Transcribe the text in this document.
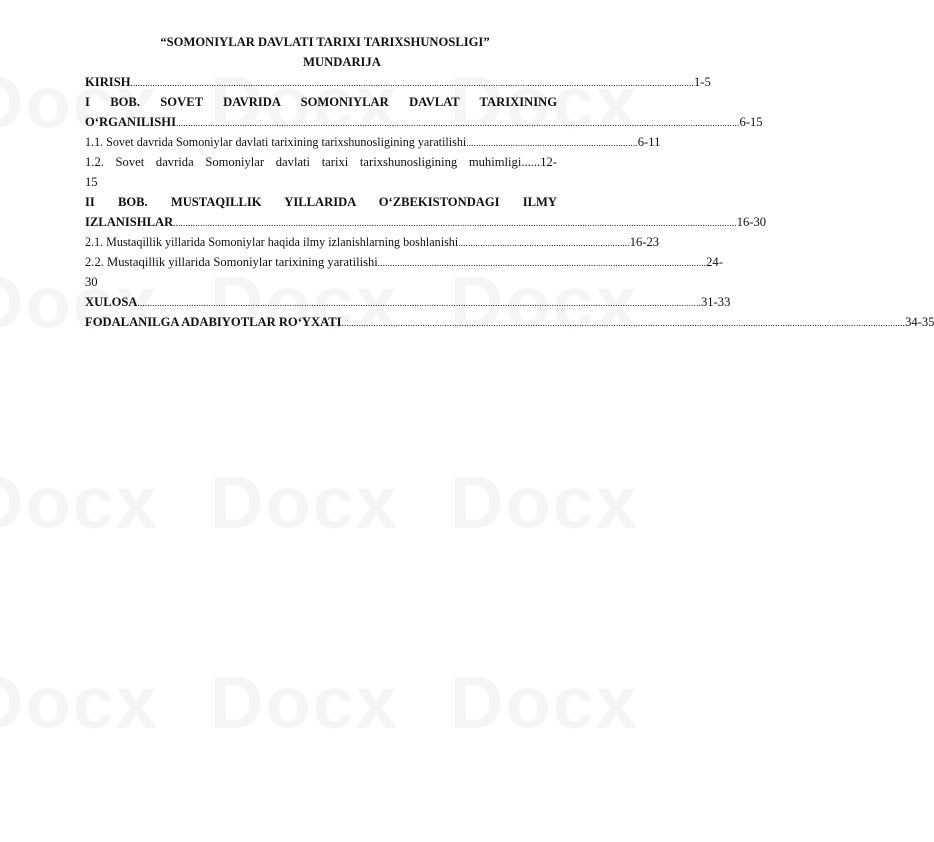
“SOMONIYLAR DAVLATI TARIXI TARIXSHUNOSLIGI”
MUNDARIJA
KIRISH ...................................................................................................................................................................................................................................... 1-5
I BOB. SOVET DAVRIDA SOMONIYLAR DAVLAT TARIXINING
O‘RGANILISHI ...................................................................................................................................................................................................................................... 6-15
1.1. Sovet davrida Somoniylar davlati tarixining tarixshunosligining yaratilishi ...................................................................... 6-11
1.2. Sovet davrida Somoniylar davlati tarixi tarixshunosligining muhimligi......12-
15
II BOB. MUSTAQILLIK YILLARIDA O‘ZBEKISTONDAGI ILMY
IZLANISHLAR ...................................................................................................................................................................................................................................... 16-30
2.1. Mustaqillik yillarida Somoniylar haqida ilmy izlanishlarning boshlanishi ...................................................................... 16-23
2.2. Mustaqillik yillarida Somoniylar tarixining yaratilishi ...................................................................................................................................... 24-
30
XULOSA ...................................................................................................................................................................................................................................... 31-33
FODALANILGA ADABIYOTLAR RO‘YXATI ...................................................................................................................................................................................................................................... 34-35
